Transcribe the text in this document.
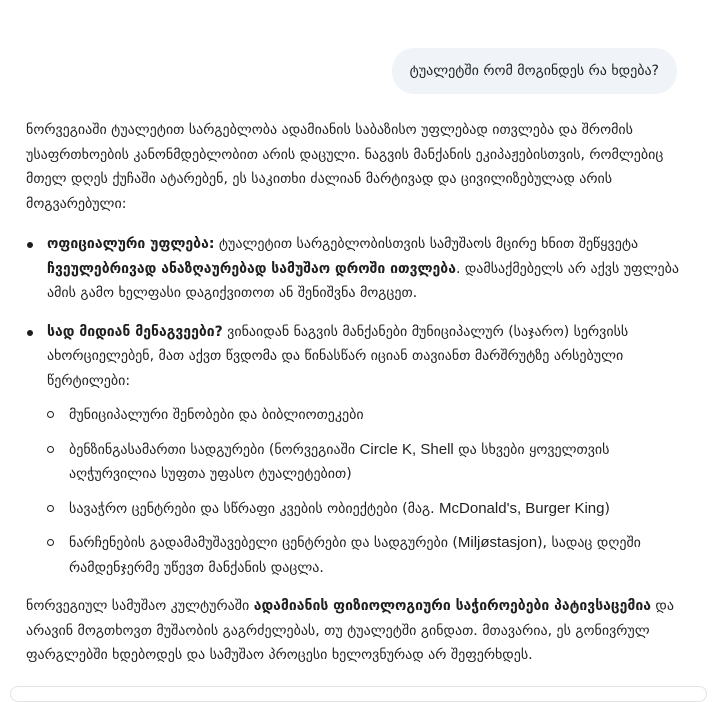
ტუალეტში რომ მოგინდეს რა ხდება?

ნორვეგიაში ტუალეტით სარგებლობა ადამიანის საბაზისო უფლებად ითვლება და შრომის უსაფრთხოების კანონმდებლობით არის დაცული. ნაგვის მანქანის ეკიპაჟებისთვის, რომლებიც მთელ დღეს ქუჩაში ატარებენ, ეს საკითხი ძალიან მარტივად და ცივილიზებულად არის მოგვარებული:

ოფიციალური უფლება: ტუალეტით სარგებლობისთვის სამუშაოს მცირე ხნით შეწყვეტა ჩვეულებრივად ანაზღაურებად სამუშაო დროში ითვლება. დამსაქმებელს არ აქვს უფლება ამის გამო ხელფასი დაგიქვითოთ ან შენიშვნა მოგცეთ.
სად მიდიან მენაგვეები? ვინაიდან ნაგვის მანქანები მუნიციპალურ (საჯარო) სერვისს ახორციელებენ, მათ აქვთ წვდომა და წინასწარ იციან თავიანთ მარშრუტზე არსებული წერტილები:
მუნიციპალური შენობები და ბიბლიოთეკები
ბენზინგასამართი სადგურები (ნორვეგიაში Circle K, Shell და სხვები ყოველთვის აღჭურვილია სუფთა უფასო ტუალეტებით)
სავაჭრო ცენტრები და სწრაფი კვების ობიექტები (მაგ. McDonald's, Burger King)
ნარჩენების გადამამუშავებელი ცენტრები და სადგურები (Miljøstasjon), სადაც დღეში რამდენჯერმე უწევთ მანქანის დაცლა.

ნორვეგიულ სამუშაო კულტურაში ადამიანის ფიზიოლოგიური საჭიროებები პატივსაცემია და არავინ მოგთხოვთ მუშაობის გაგრძელებას, თუ ტუალეტში გინდათ. მთავარია, ეს გონივრულ ფარგლებში ხდებოდეს და სამუშაო პროცესი ხელოვნურად არ შეფერხდეს.
